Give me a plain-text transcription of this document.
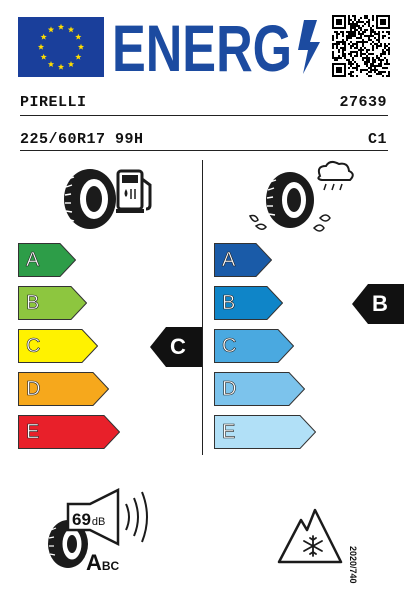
ENERG
PIRELLI	27639
225/60R17 99H	C1
A
B
C
D
E
C
A
B
C
D
E
B
69dB
ABC	2020/740
